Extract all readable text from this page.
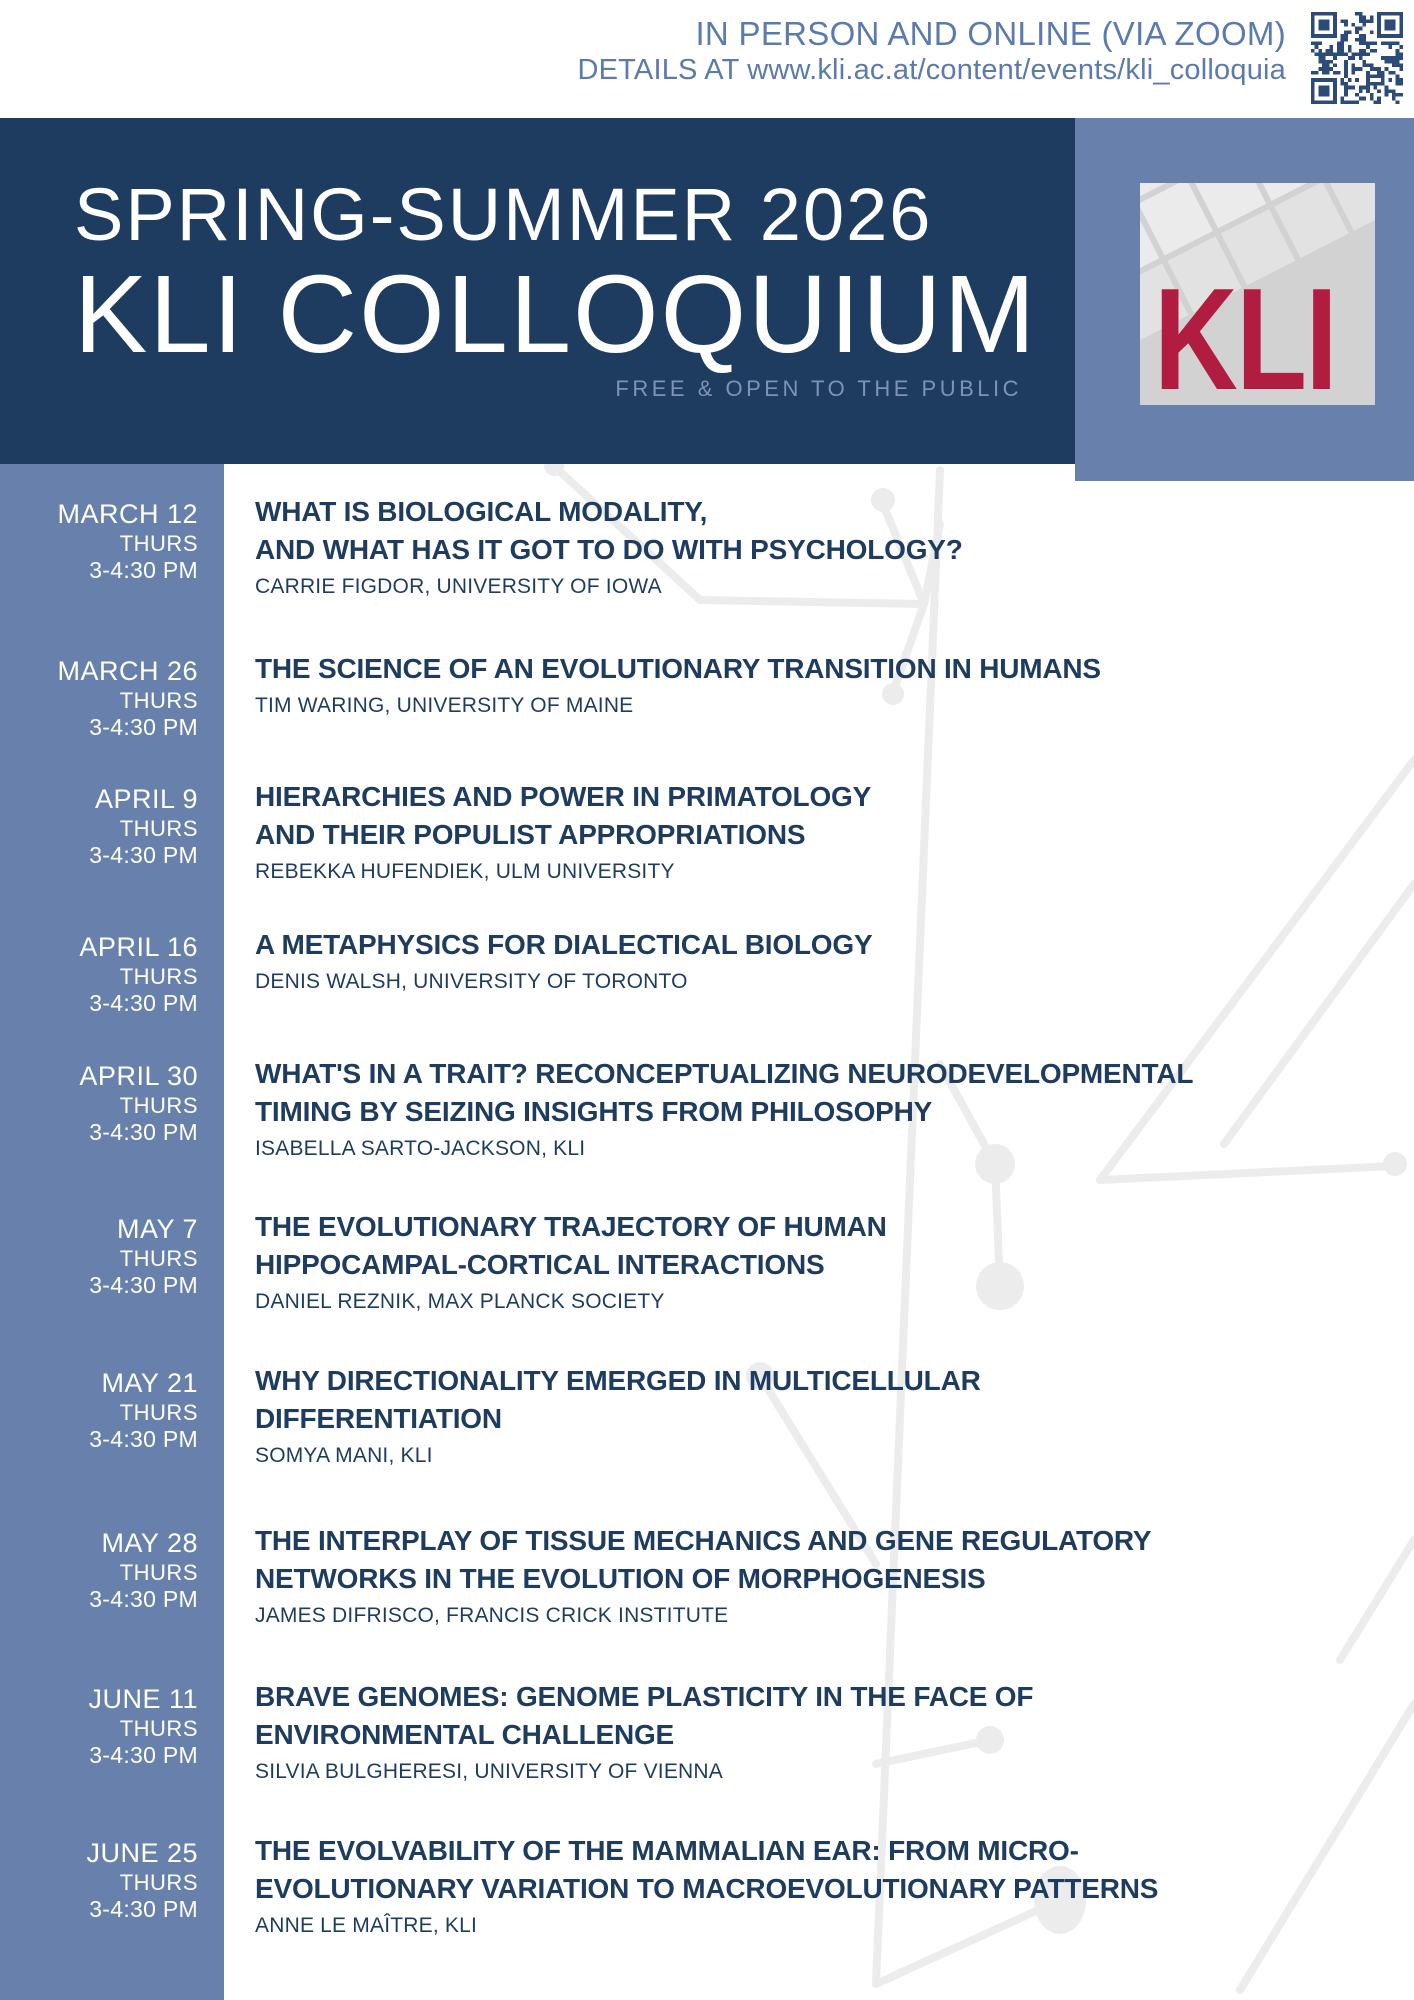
IN PERSON AND ONLINE (VIA ZOOM)
DETAILS AT www.kli.ac.at/content/events/kli_colloquia
SPRING-SUMMER 2026
KLI COLLOQUIUM
FREE & OPEN TO THE PUBLIC KLI
MARCH 12
THURS
3-4:30 PM
WHAT IS BIOLOGICAL MODALITY,
AND WHAT HAS IT GOT TO DO WITH PSYCHOLOGY?
CARRIE FIGDOR, UNIVERSITY OF IOWA
MARCH 26
THURS
3-4:30 PM
THE SCIENCE OF AN EVOLUTIONARY TRANSITION IN HUMANS
TIM WARING, UNIVERSITY OF MAINE
APRIL 9
THURS
3-4:30 PM
HIERARCHIES AND POWER IN PRIMATOLOGY
AND THEIR POPULIST APPROPRIATIONS
REBEKKA HUFENDIEK, ULM UNIVERSITY
APRIL 16
THURS
3-4:30 PM
A METAPHYSICS FOR DIALECTICAL BIOLOGY
DENIS WALSH, UNIVERSITY OF TORONTO
APRIL 30
THURS
3-4:30 PM
WHAT'S IN A TRAIT? RECONCEPTUALIZING NEURODEVELOPMENTAL
TIMING BY SEIZING INSIGHTS FROM PHILOSOPHY
ISABELLA SARTO-JACKSON, KLI
MAY 7
THURS
3-4:30 PM
THE EVOLUTIONARY TRAJECTORY OF HUMAN
HIPPOCAMPAL-CORTICAL INTERACTIONS
DANIEL REZNIK, MAX PLANCK SOCIETY
MAY 21
THURS
3-4:30 PM
WHY DIRECTIONALITY EMERGED IN MULTICELLULAR
DIFFERENTIATION
SOMYA MANI, KLI
MAY 28
THURS
3-4:30 PM
THE INTERPLAY OF TISSUE MECHANICS AND GENE REGULATORY
NETWORKS IN THE EVOLUTION OF MORPHOGENESIS
JAMES DIFRISCO, FRANCIS CRICK INSTITUTE
JUNE 11
THURS
3-4:30 PM
BRAVE GENOMES: GENOME PLASTICITY IN THE FACE OF
ENVIRONMENTAL CHALLENGE
SILVIA BULGHERESI, UNIVERSITY OF VIENNA
JUNE 25
THURS
3-4:30 PM
THE EVOLVABILITY OF THE MAMMALIAN EAR: FROM MICRO-
EVOLUTIONARY VARIATION TO MACROEVOLUTIONARY PATTERNS
ANNE LE MAÎTRE, KLI
